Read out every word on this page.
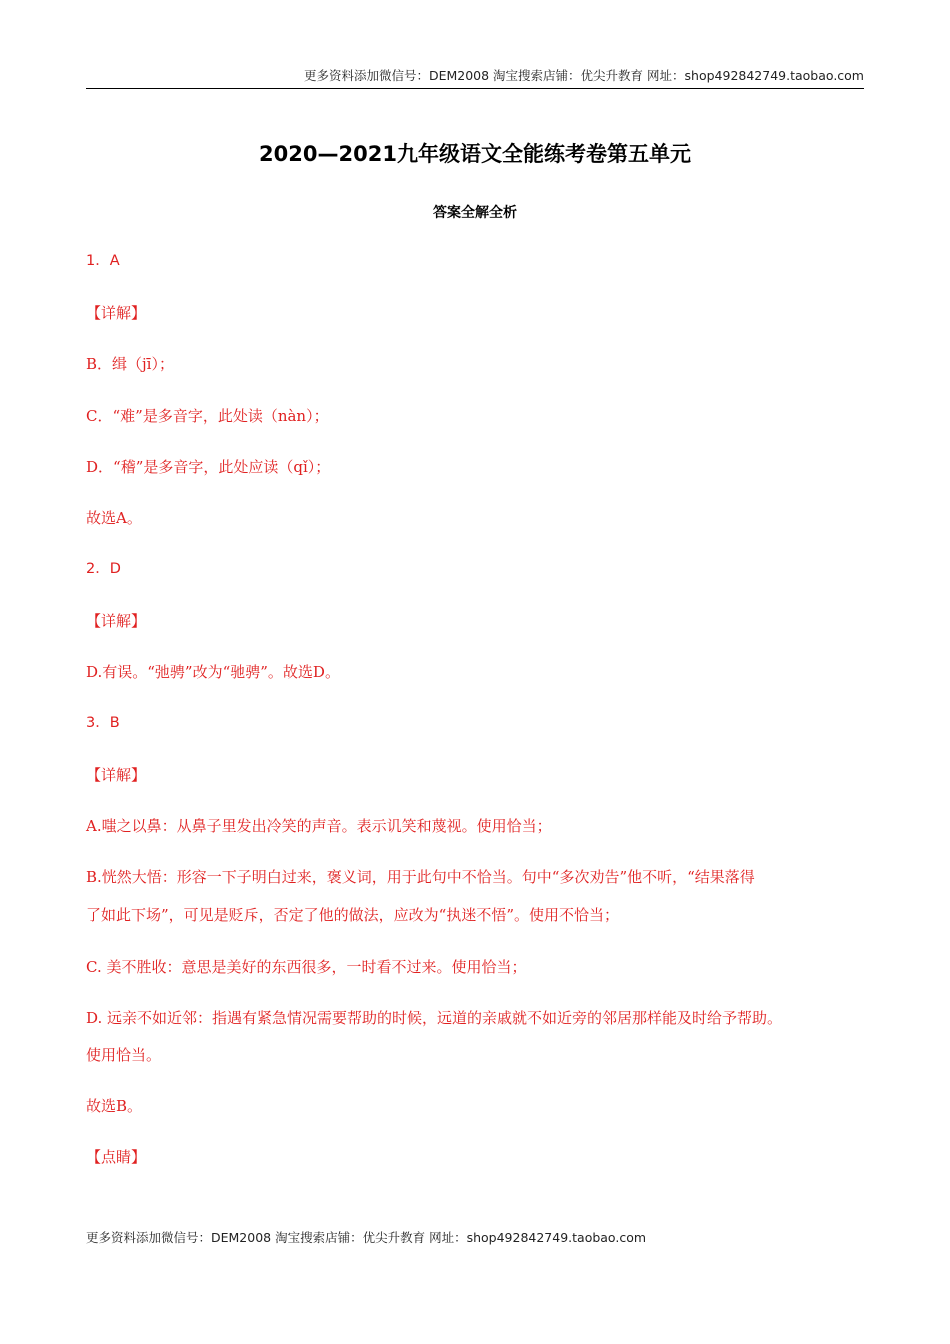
更多资料添加微信号：DEM2008 淘宝搜索店铺：优尖升教育 网址：shop492842749.taobao.com
2020—2021九年级语文全能练考卷第五单元
答案全解全析
1．A
【详解】
B．缉（jī）；
C．“难”是多音字，此处读（nàn）；
D．“稽”是多音字，此处应读（qǐ）；
故选A。
2．D
【详解】
D.有误。“弛骋”改为“驰骋”。故选D。
3．B
【详解】
A.嗤之以鼻：从鼻子里发出冷笑的声音。表示讥笑和蔑视。使用恰当；
B.恍然大悟：形容一下子明白过来，褒义词，用于此句中不恰当。句中“多次劝告”他不听，“结果落得
了如此下场”，可见是贬斥，否定了他的做法，应改为“执迷不悟”。使用不恰当；
C. 美不胜收：意思是美好的东西很多，一时看不过来。使用恰当；
D. 远亲不如近邻：指遇有紧急情况需要帮助的时候，远道的亲戚就不如近旁的邻居那样能及时给予帮助。
使用恰当。
故选B。
【点睛】
更多资料添加微信号：DEM2008 淘宝搜索店铺：优尖升教育 网址：shop492842749.taobao.com
